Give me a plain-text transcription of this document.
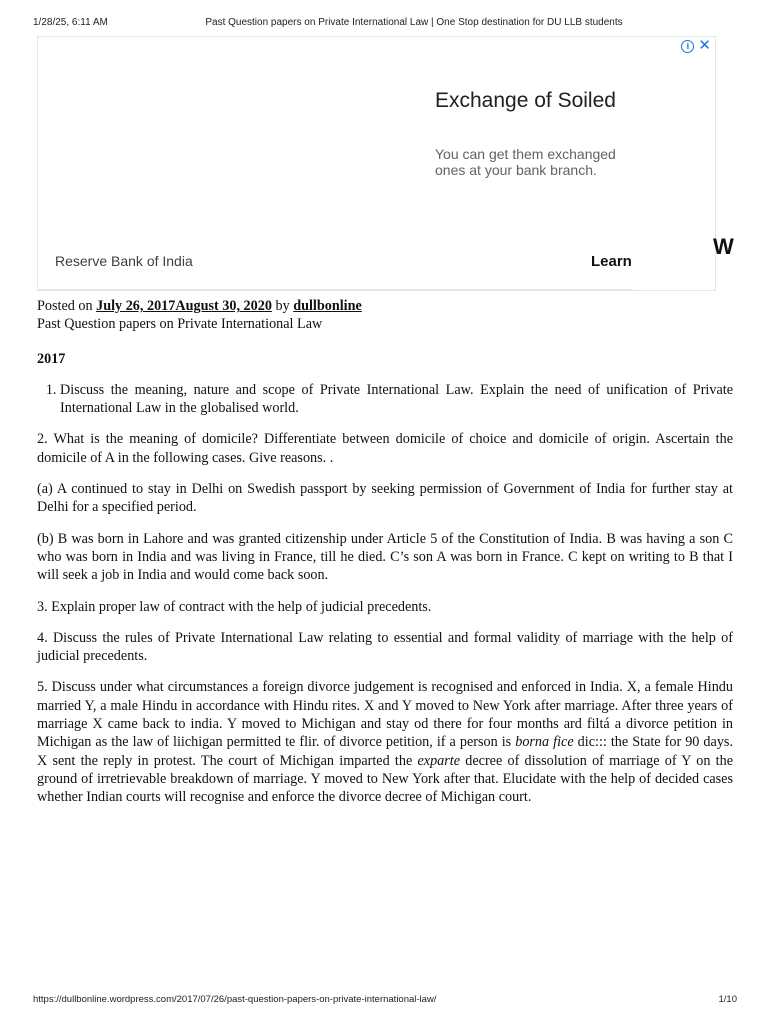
1/28/25, 6:11 AM	Past Question papers on Private International Law | One Stop destination for DU LLB students
i ✕
Exchange of Soiled
You can get them exchanged ones at your bank branch.
Reserve Bank of India	Learn
W

Posted on July 26, 2017August 30, 2020 by dullbonline

Past Question papers on Private International Law

2017

1. Discuss the meaning, nature and scope of Private International Law. Explain the need of unification of Private International Law in the globalised world.

2. What is the meaning of domicile? Differentiate between domicile of choice and domicile of origin. Ascertain the domicile of A in the following cases. Give reasons. .

(a) A continued to stay in Delhi on Swedish passport by seeking permission of Government of India for further stay at Delhi for a specified period.

(b) B was born in Lahore and was granted citizenship under Article 5 of the Constitution of India. B was having a son C who was born in India and was living in France, till he died. C’s son A was born in France. C kept on writing to B that I will seek a job in India and would come back soon.

3. Explain proper law of contract with the help of judicial precedents.

4. Discuss the rules of Private International Law relating to essential and formal validity of marriage with the help of judicial precedents.

5. Discuss under what circumstances a foreign divorce judgement is recognised and enforced in India. X, a female Hindu married Y, a male Hindu in accordance with Hindu rites. X and Y moved to New York after marriage. After three years of marriage X came back to india. Y moved to Michigan and stay od there for four months ard filtá a divorce petition in Michigan as the law of liichigan permitted te flir. of divorce petition, if a person is borna fice dic::: the State for 90 days. X sent the reply in protest. The court of Michigan imparted the exparte decree of dissolution of marriage of Y on the ground of irretrievable breakdown of marriage. Y moved to New York after that. Elucidate with the help of decided cases whether Indian courts will recognise and enforce the divorce decree of Michigan court.

https://dullbonline.wordpress.com/2017/07/26/past-question-papers-on-private-international-law/	1/10
